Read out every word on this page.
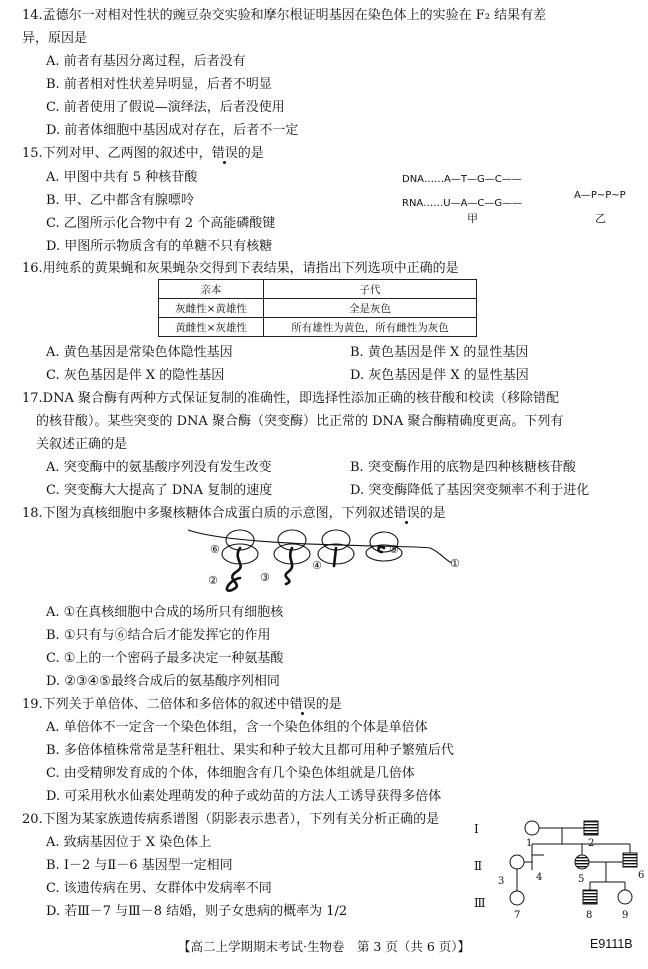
14.孟德尔一对相对性状的豌豆杂交实验和摩尔根证明基因在染色体上的实验在 F₂ 结果有差
异，原因是
A. 前者有基因分离过程，后者没有
B. 前者相对性状差异明显，后者不明显
C. 前者使用了假说—演绎法，后者没使用
D. 前者体细胞中基因成对存在，后者不一定
15.下列对甲、乙两图的叙述中，错误的是
A. 甲图中共有 5 种核苷酸
B. 甲、乙中都含有腺嘌呤
C. 乙图所示化合物中有 2 个高能磷酸键
D. 甲图所示物质含有的单糖不只有核糖
DNA……A—T—G—C——
RNA……U—A—C—G——
甲
A—P~P~P
乙
16.用纯系的黄果蝇和灰果蝇杂交得到下表结果，请指出下列选项中正确的是
亲本	子代
灰雌性×黄雄性	全是灰色
黄雌性×灰雄性	所有雄性为黄色，所有雌性为灰色
A. 黄色基因是常染色体隐性基因	B. 黄色基因是伴 X 的显性基因
C. 灰色基因是伴 X 的隐性基因	D. 灰色基因是伴 X 的显性基因
17.DNA 聚合酶有两种方式保证复制的准确性，即选择性添加正确的核苷酸和校读（移除错配
的核苷酸）。某些突变的 DNA 聚合酶（突变酶）比正常的 DNA 聚合酶精确度更高。下列有
关叙述正确的是
A. 突变酶中的氨基酸序列没有发生改变	B. 突变酶作用的底物是四种核糖核苷酸
C. 突变酶大大提高了 DNA 复制的速度	D. 突变酶降低了基因突变频率不利于进化
18.下图为真核细胞中多聚核糖体合成蛋白质的示意图，下列叙述错误的是
⑥
②	③
④
⑤
①
A. ①在真核细胞中合成的场所只有细胞核
B. ①只有与⑥结合后才能发挥它的作用
C. ①上的一个密码子最多决定一种氨基酸
D. ②③④⑤最终合成后的氨基酸序列相同
19.下列关于单倍体、二倍体和多倍体的叙述中错误的是
A. 单倍体不一定含一个染色体组，含一个染色体组的个体是单倍体
B. 多倍体植株常常是茎秆粗壮、果实和种子较大且都可用种子繁殖后代
C. 由受精卵发育成的个体，体细胞含有几个染色体组就是几倍体
D. 可采用秋水仙素处理萌发的种子或幼苗的方法人工诱导获得多倍体
20.下图为某家族遗传病系谱图（阴影表示患者），下列有关分析正确的是
A. 致病基因位于 X 染色体上
B. Ⅰ－2 与Ⅱ－6 基因型一定相同
C. 该遗传病在男、女群体中发病率不同
D. 若Ⅲ－7 与Ⅲ－8 结婚，则子女患病的概率为 1/2
Ⅰ
Ⅱ
Ⅲ
1	2
3	4	5	6
7	8	9
【高二上学期期末考试·生物卷　第 3 页（共 6 页）】	E9111B
